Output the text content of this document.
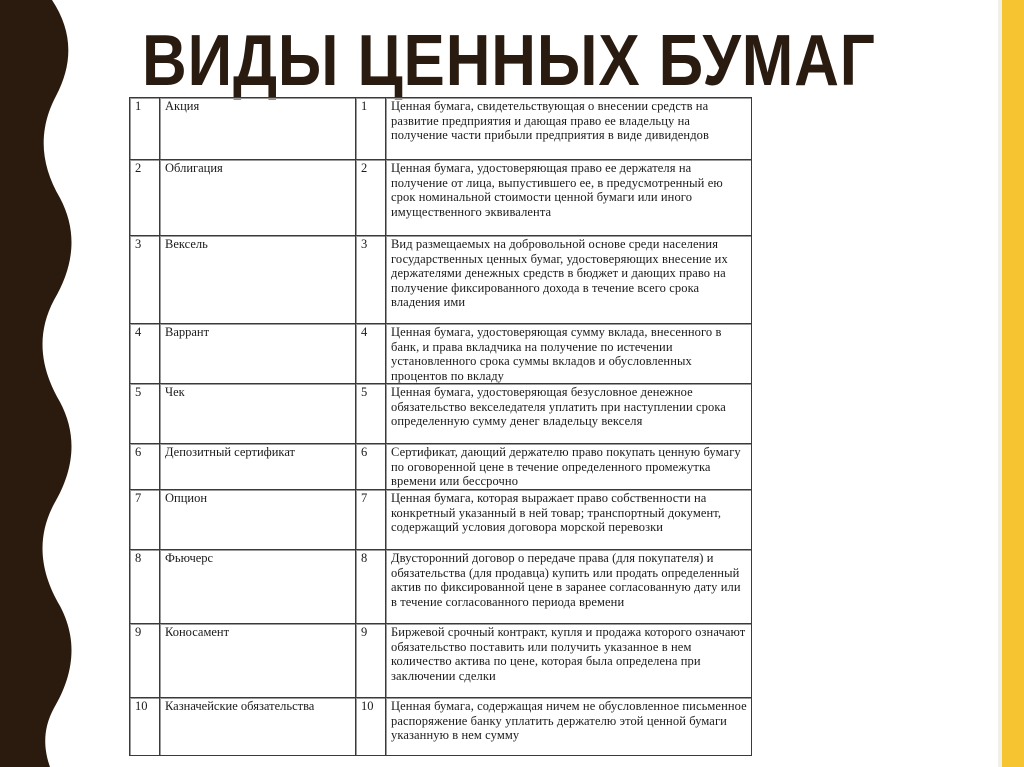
ВИДЫ ЦЕННЫХ БУМАГ
1	Акция	1	Ценная бумага, свидетельствующая о внесении средств на развитие предприятия и дающая право ее владельцу на получение части прибыли предприятия в виде дивидендов
2	Облигация	2	Ценная бумага, удостоверяющая право ее держателя на получение от лица, выпустившего ее, в предусмотренный ею срок номинальной стоимости ценной бумаги или иного имущественного эквивалента
3	Вексель	3	Вид размещаемых на добровольной основе среди населения государственных ценных бумаг, удостоверяющих внесение их держателями денежных средств в бюджет и дающих право на получение фиксированного дохода в течение всего срока владения ими
4	Варрант	4	Ценная бумага, удостоверяющая сумму вклада, внесенного в банк, и права вкладчика на получение по истечении установленного срока суммы вкладов и обусловленных процентов по вкладу
5	Чек	5	Ценная бумага, удостоверяющая безусловное денежное обязательство векселедателя уплатить при наступлении срока определенную сумму денег владельцу векселя
6	Депозитный сертификат	6	Сертификат, дающий держателю право покупать ценную бумагу по оговоренной цене в течение определенного промежутка времени или бессрочно
7	Опцион	7	Ценная бумага, которая выражает право собственности на конкретный указанный в ней товар; транспортный документ, содержащий условия договора морской перевозки
8	Фьючерс	8	Двусторонний договор о передаче права (для покупателя) и обязательства (для продавца) купить или продать определенный актив по фиксированной цене в заранее согласованную дату или в течение согласованного периода времени
9	Коносамент	9	Биржевой срочный контракт, купля и продажа которого означают обязательство поставить или получить указанное в нем количество актива по цене, которая была определена при заключении сделки
10	Казначейские обязательства	10	Ценная бумага, содержащая ничем не обусловленное письменное распоряжение банку уплатить держателю этой ценной бумаги указанную в нем сумму
